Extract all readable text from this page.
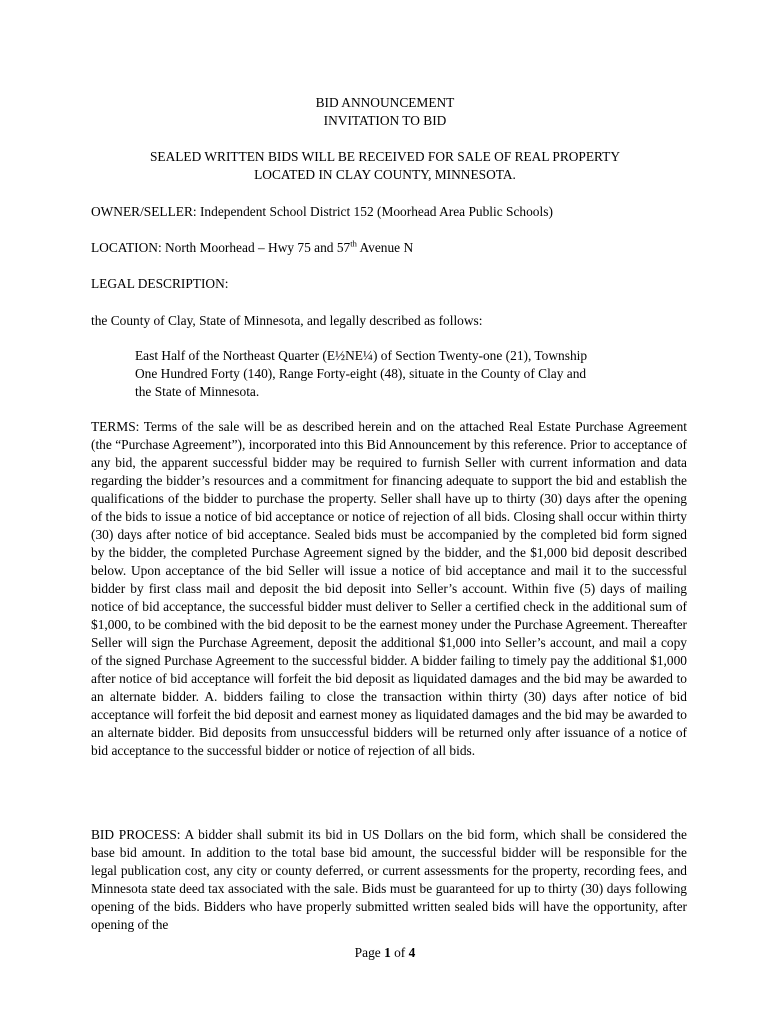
BID ANNOUNCEMENT

INVITATION TO BID

SEALED WRITTEN BIDS WILL BE RECEIVED FOR SALE OF REAL PROPERTY

LOCATED IN CLAY COUNTY, MINNESOTA.

OWNER/SELLER: Independent School District 152 (Moorhead Area Public Schools)

LOCATION: North Moorhead – Hwy 75 and 57th Avenue N

LEGAL DESCRIPTION:

the County of Clay, State of Minnesota, and legally described as follows:

East Half of the Northeast Quarter (E½NE¼) of Section Twenty-one (21), Township

One Hundred Forty (140), Range Forty-eight (48), situate in the County of Clay and

the State of Minnesota.

TERMS: Terms of the sale will be as described herein and on the attached Real Estate Purchase Agreement (the “Purchase Agreement”), incorporated into this Bid Announcement by this reference. Prior to acceptance of any bid, the apparent successful bidder may be required to furnish Seller with current information and data regarding the bidder’s resources and a commitment for financing adequate to support the bid and establish the qualifications of the bidder to purchase the property. Seller shall have up to thirty (30) days after the opening of the bids to issue a notice of bid acceptance or notice of rejection of all bids. Closing shall occur within thirty (30) days after notice of bid acceptance. Sealed bids must be accompanied by the completed bid form signed by the bidder, the completed Purchase Agreement signed by the bidder, and the $1,000 bid deposit described below. Upon acceptance of the bid Seller will issue a notice of bid acceptance and mail it to the successful bidder by first class mail and deposit the bid deposit into Seller’s account. Within five (5) days of mailing notice of bid acceptance, the successful bidder must deliver to Seller a certified check in the additional sum of $1,000, to be combined with the bid deposit to be the earnest money under the Purchase Agreement. Thereafter Seller will sign the Purchase Agreement, deposit the additional $1,000 into Seller’s account, and mail a copy of the signed Purchase Agreement to the successful bidder. A bidder failing to timely pay the additional $1,000 after notice of bid acceptance will forfeit the bid deposit as liquidated damages and the bid may be awarded to an alternate bidder. A. bidders failing to close the transaction within thirty (30) days after notice of bid acceptance will forfeit the bid deposit and earnest money as liquidated damages and the bid may be awarded to an alternate bidder. Bid deposits from unsuccessful bidders will be returned only after issuance of a notice of bid acceptance to the successful bidder or notice of rejection of all bids.

BID PROCESS: A bidder shall submit its bid in US Dollars on the bid form, which shall be considered the base bid amount. In addition to the total base bid amount, the successful bidder will be responsible for the legal publication cost, any city or county deferred, or current assessments for the property, recording fees, and Minnesota state deed tax associated with the sale. Bids must be guaranteed for up to thirty (30) days following opening of the bids. Bidders who have properly submitted written sealed bids will have the opportunity, after opening of the

Page 1 of 4
